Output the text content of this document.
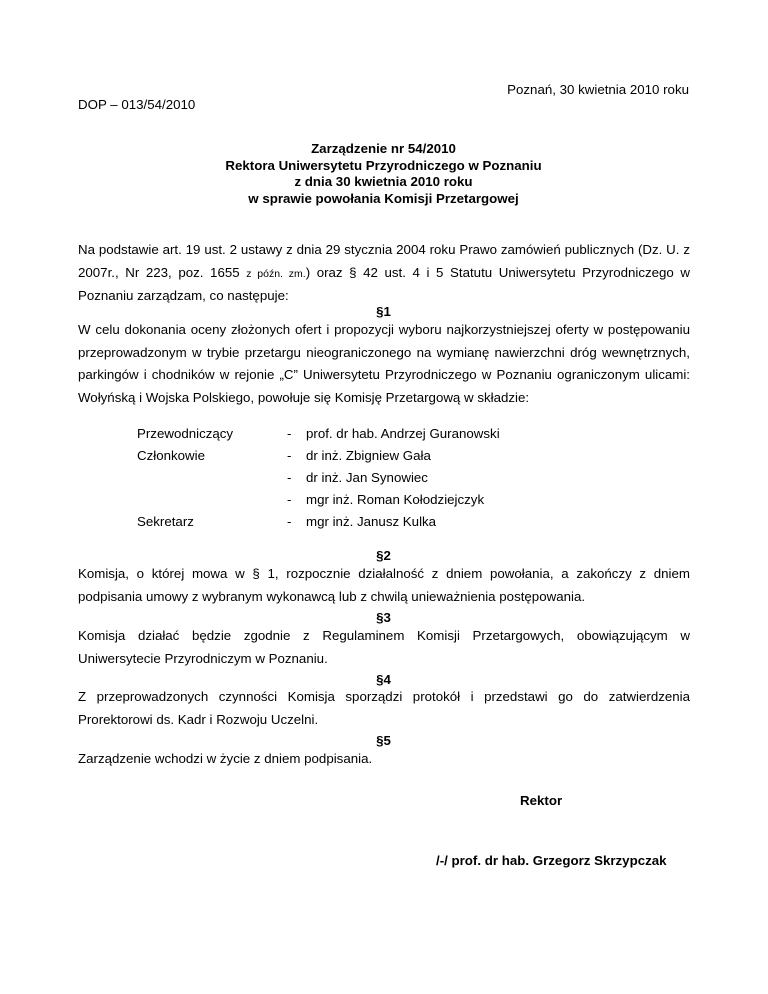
Poznań, 30 kwietnia 2010 roku
DOP – 013/54/2010
Zarządzenie nr 54/2010
Rektora Uniwersytetu Przyrodniczego w Poznaniu
z dnia 30 kwietnia 2010 roku
w sprawie powołania Komisji Przetargowej
Na podstawie art. 19 ust. 2 ustawy z dnia 29 stycznia 2004 roku Prawo zamówień publicznych (Dz. U. z 2007r., Nr 223, poz. 1655 z późn. zm.) oraz § 42 ust. 4 i 5 Statutu Uniwersytetu Przyrodniczego w Poznaniu zarządzam, co następuje:
§1
W celu dokonania oceny złożonych ofert i propozycji wyboru najkorzystniejszej oferty w postępowaniu przeprowadzonym w trybie przetargu nieograniczonego na wymianę nawierzchni dróg wewnętrznych, parkingów i chodników w rejonie „C” Uniwersytetu Przyrodniczego w Poznaniu ograniczonym ulicami: Wołyńską i Wojska Polskiego, powołuje się Komisję Przetargową w składzie:
Przewodniczący	- prof. dr hab. Andrzej Guranowski
Członkowie	- dr inż. Zbigniew Gała
- dr inż. Jan Synowiec
- mgr inż. Roman Kołodziejczyk
Sekretarz	- mgr inż. Janusz Kulka
§2
Komisja, o której mowa w § 1, rozpocznie działalność z dniem powołania, a zakończy z dniem podpisania umowy z wybranym wykonawcą lub z chwilą unieważnienia postępowania.
§3
Komisja działać będzie zgodnie z Regulaminem Komisji Przetargowych, obowiązującym w Uniwersytecie Przyrodniczym w Poznaniu.
§4
Z przeprowadzonych czynności Komisja sporządzi protokół i przedstawi go do zatwierdzenia Prorektorowi ds. Kadr i Rozwoju Uczelni.
§5
Zarządzenie wchodzi w życie z dniem podpisania.
Rektor
/-/ prof. dr hab. Grzegorz Skrzypczak
